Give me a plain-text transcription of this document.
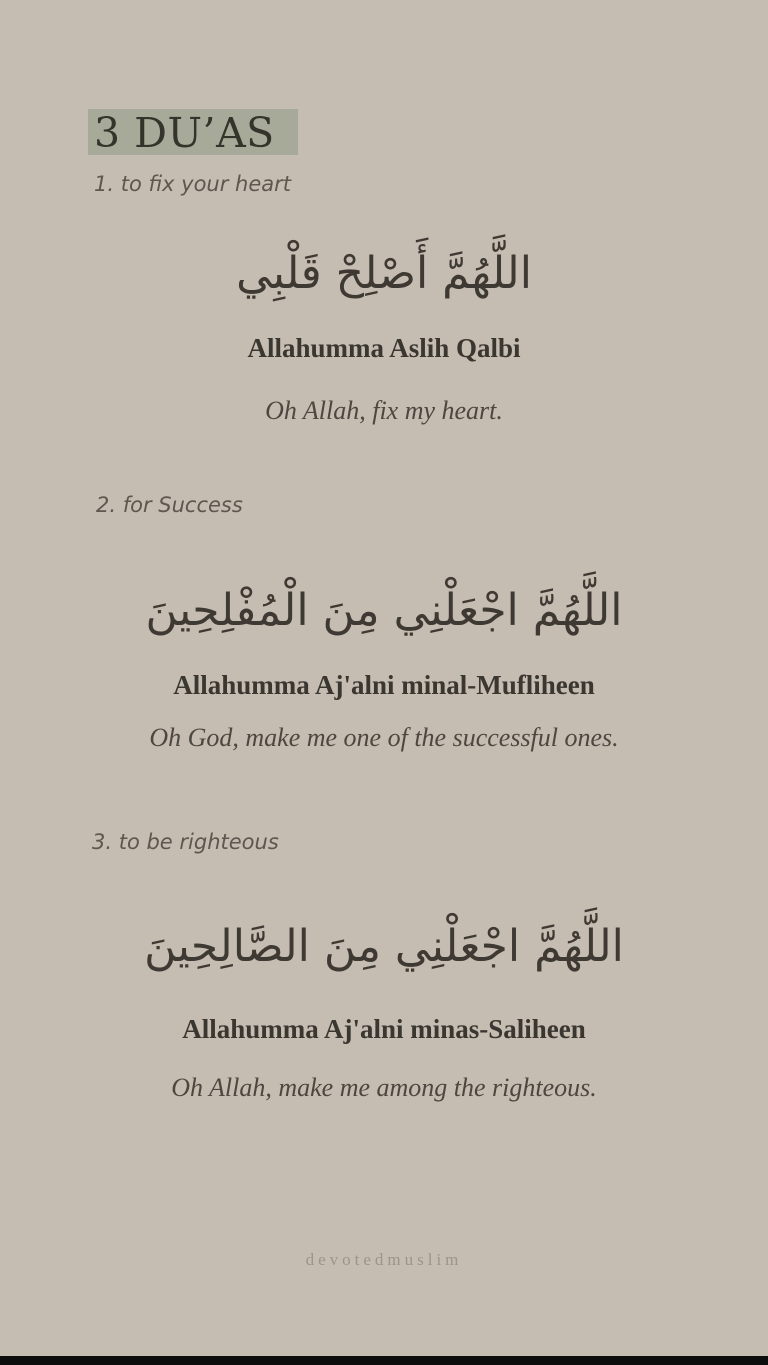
3 DU’AS
1. to fix your heart
اللَّهُمَّ أَصْلِحْ قَلْبِي
Allahumma Aslih Qalbi
Oh Allah, fix my heart.
2. for Success
اللَّهُمَّ اجْعَلْنِي مِنَ الْمُفْلِحِينَ
Allahumma Aj'alni minal-Mufliheen
Oh God, make me one of the successful ones.
3. to be righteous
اللَّهُمَّ اجْعَلْنِي مِنَ الصَّالِحِينَ
Allahumma Aj'alni minas-Saliheen
Oh Allah, make me among the righteous.
devotedmuslim
